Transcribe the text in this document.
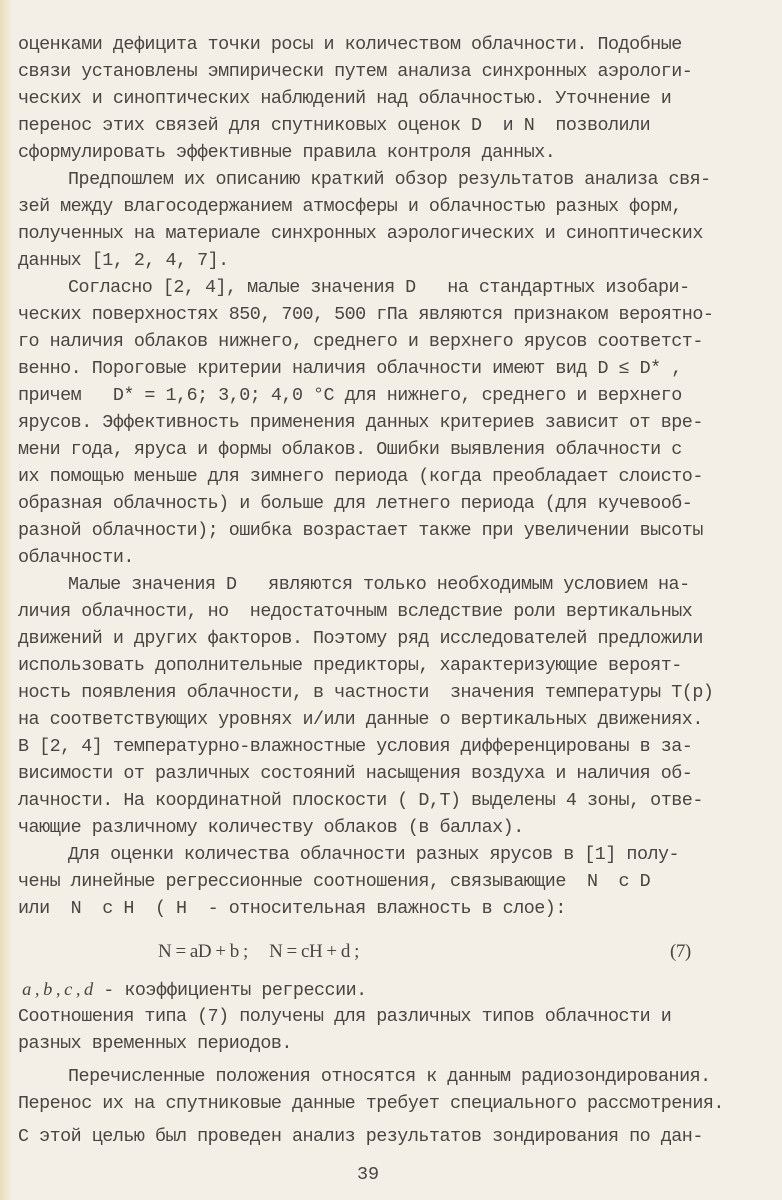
оценками дефицита точки росы и количеством облачности. Подобные
связи установлены эмпирически путем анализа синхронных аэрологи-
ческих и синоптических наблюдений над облачностью. Уточнение и
перенос этих связей для спутниковых оценок D  и N  позволили
сформулировать эффективные правила контроля данных.
Предпошлем их описанию краткий обзор результатов анализа свя-
зей между влагосодержанием атмосферы и облачностью разных форм,
полученных на материале синхронных аэрологических и синоптических
данных [1, 2, 4, 7].
Согласно [2, 4], малые значения D   на стандартных изобари-
ческих поверхностях 850, 700, 500 гПа являются признаком вероятно-
го наличия облаков нижнего, среднего и верхнего ярусов соответст-
венно. Пороговые критерии наличия облачности имеют вид D ≤ D* ,
причем   D* = 1,6; 3,0; 4,0 °C для нижнего, среднего и верхнего
ярусов. Эффективность применения данных критериев зависит от вре-
мени года, яруса и формы облаков. Ошибки выявления облачности с
их помощью меньше для зимнего периода (когда преобладает слоисто-
образная облачность) и больше для летнего периода (для кучевооб-
разной облачности); ошибка возрастает также при увеличении высоты
облачности.
Малые значения D   являются только необходимым условием на-
личия облачности, но  недостаточным вследствие роли вертикальных
движений и других факторов. Поэтому ряд исследователей предложили
использовать дополнительные предикторы, характеризующие вероят-
ность появления облачности, в частности  значения температуры T(p)
на соответствующих уровнях и/или данные о вертикальных движениях.
В [2, 4] температурно-влажностные условия дифференцированы в за-
висимости от различных состояний насыщения воздуха и наличия об-
лачности. На координатной плоскости ( D,T) выделены 4 зоны, отве-
чающие различному количеству облаков (в баллах).
Для оценки количества облачности разных ярусов в [1] полу-
чены линейные регрессионные соотношения, связывающие  N  с D
или  N  с H  ( H  - относительная влажность в слое):

N = aD + b ;     N = cH + d ;

	(7)

a , b , c , d - коэффициенты регрессии.
Соотношения типа (7) получены для различных типов облачности и
разных временных периодов.
Перечисленные положения относятся к данным радиозондирования.
Перенос их на спутниковые данные требует специального рассмотрения.
С этой целью был проведен анализ результатов зондирования по дан-
39
